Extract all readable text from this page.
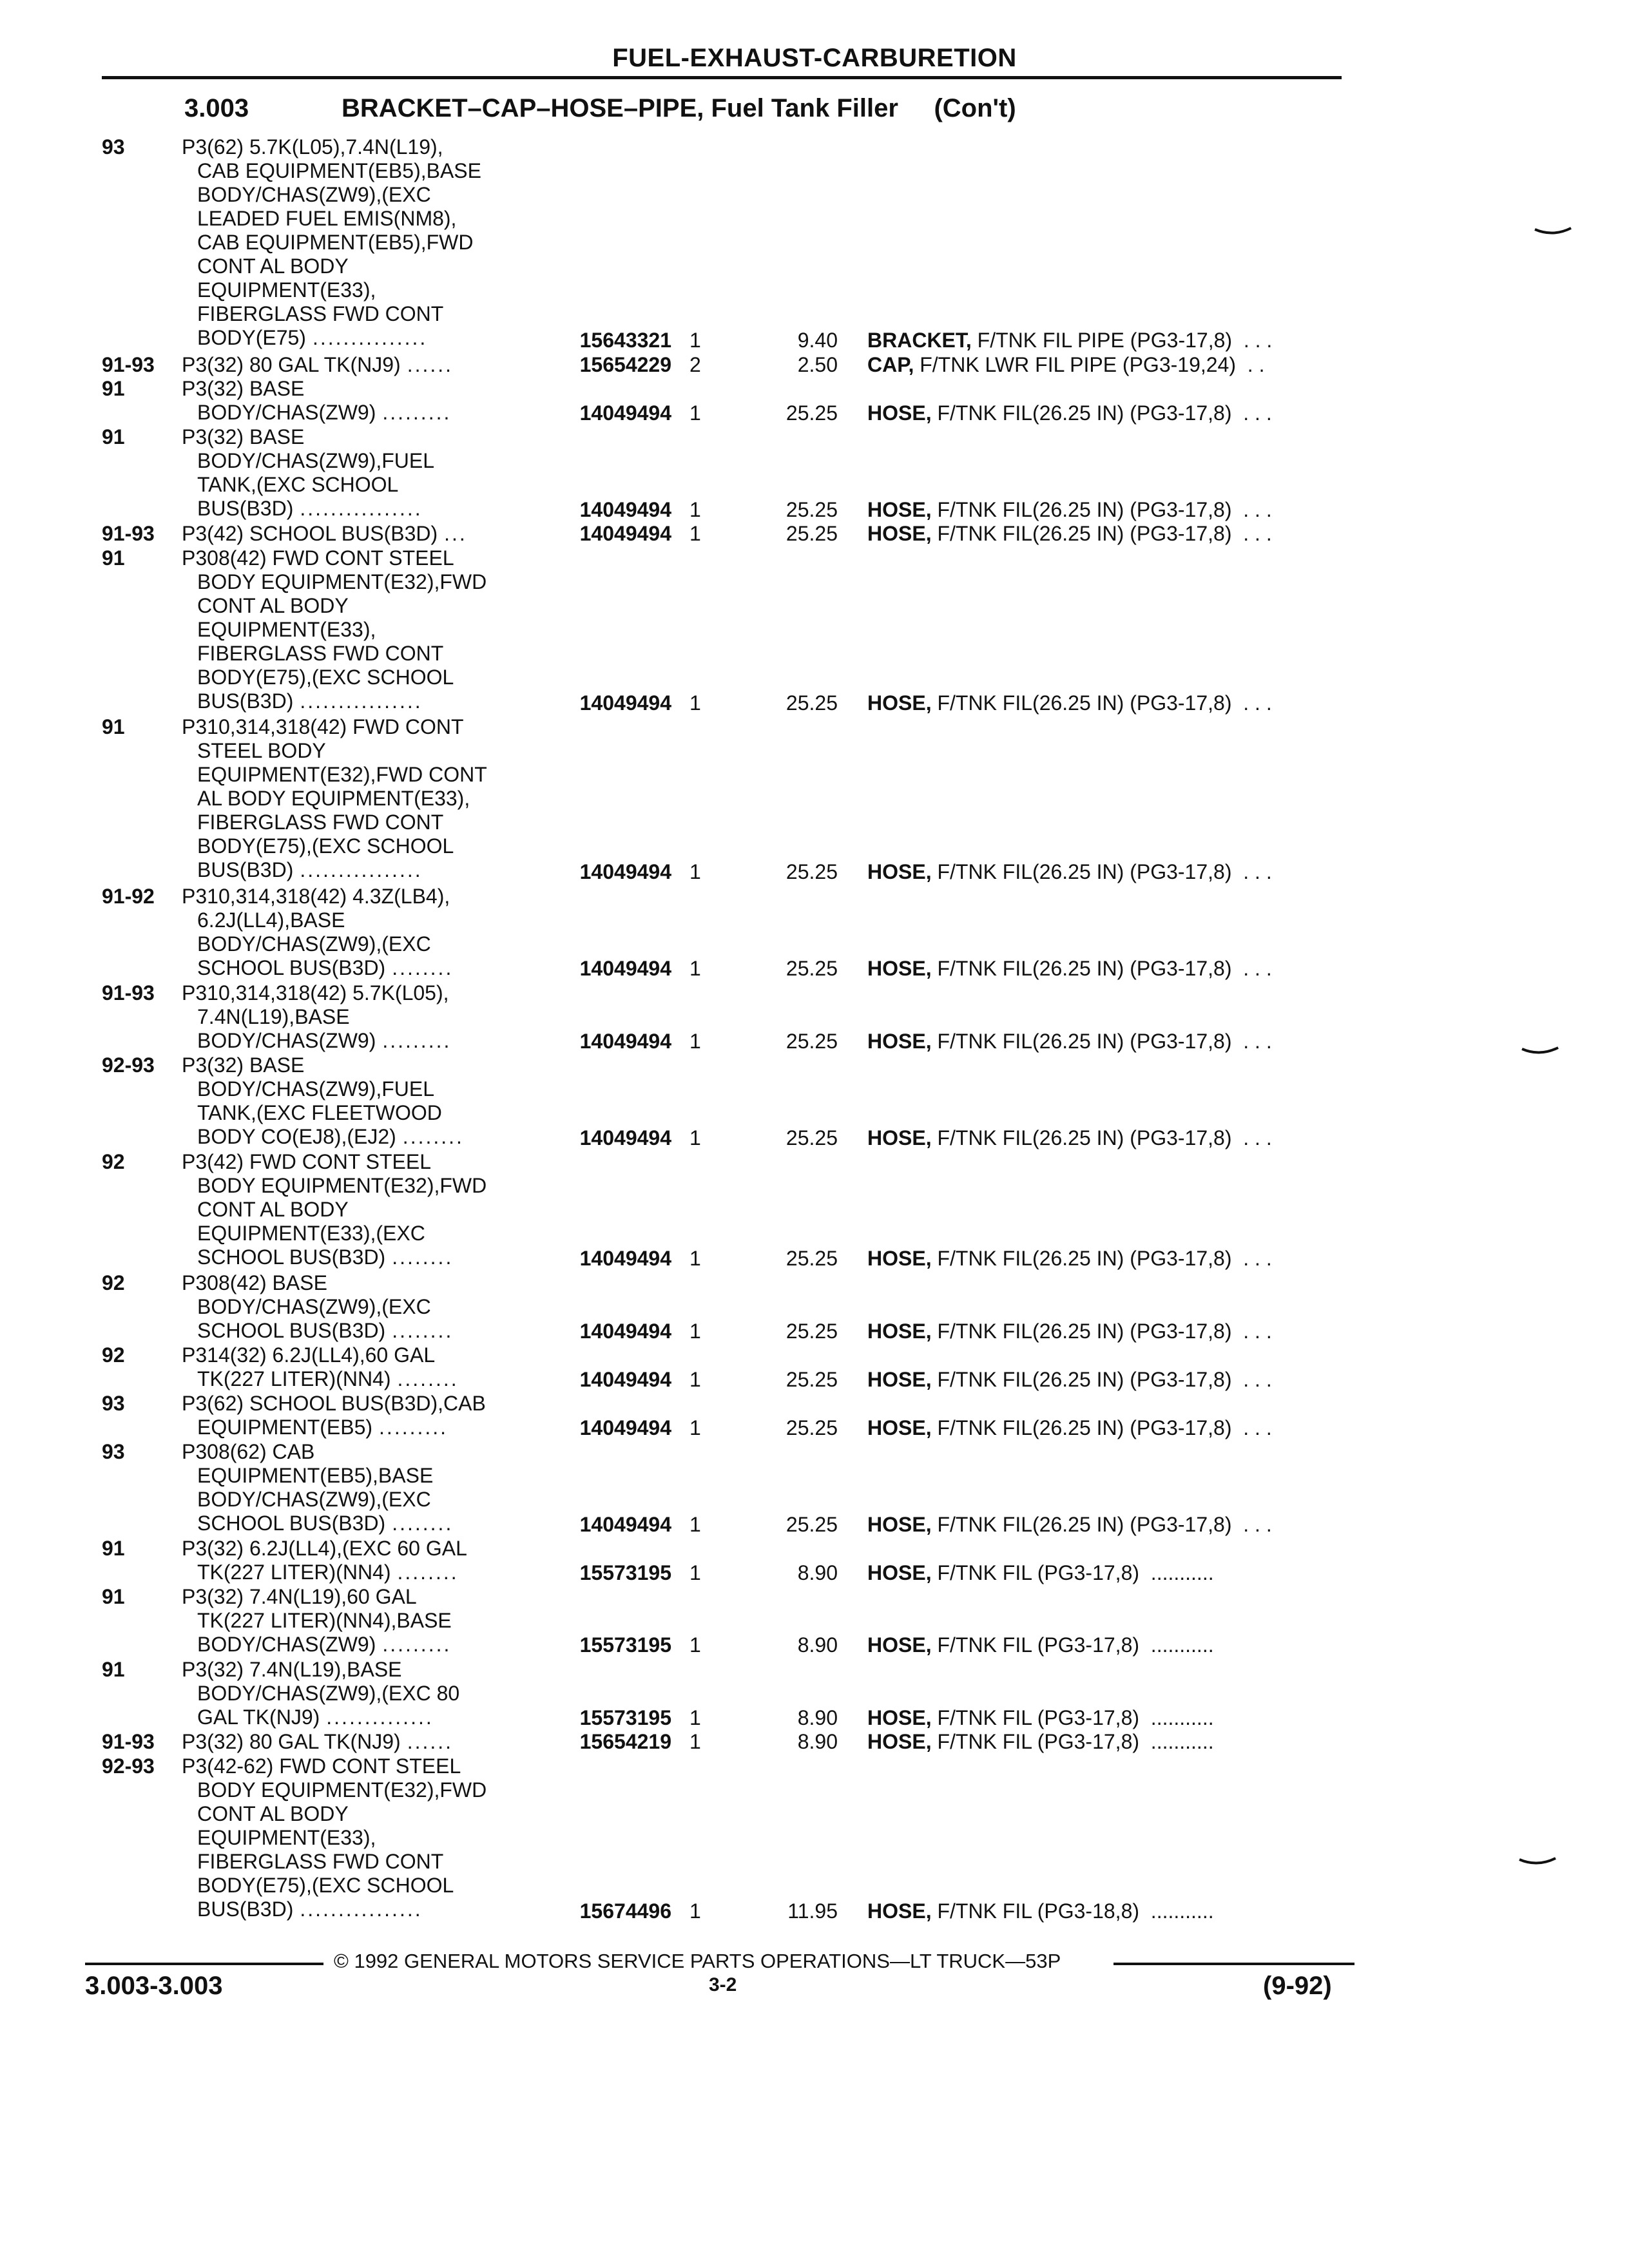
FUEL-EXHAUST-CARBURETION
3.003	BRACKET–CAP–HOSE–PIPE, Fuel Tank Filler     (Con't)
93	P3(62) 5.7K(L05),7.4N(L19),
CAB EQUIPMENT(EB5),BASE
BODY/CHAS(ZW9),(EXC
LEADED FUEL EMIS(NM8),
CAB EQUIPMENT(EB5),FWD
CONT AL BODY
EQUIPMENT(E33),
FIBERGLASS FWD CONT
BODY(E75) ...............	15643321 1	9.40 BRACKET, F/TNK FIL PIPE (PG3-17,8)  . . .
91-93	P3(32) 80 GAL TK(NJ9) ......	15654229 2	2.50 CAP, F/TNK LWR FIL PIPE (PG3-19,24)  . .
91	P3(32) BASE
BODY/CHAS(ZW9) .........	14049494 1	25.25 HOSE, F/TNK FIL(26.25 IN) (PG3-17,8)  . . .
91	P3(32) BASE
BODY/CHAS(ZW9),FUEL
TANK,(EXC SCHOOL
BUS(B3D) ................	14049494 1	25.25 HOSE, F/TNK FIL(26.25 IN) (PG3-17,8)  . . .
91-93	P3(42) SCHOOL BUS(B3D) ...	14049494 1	25.25 HOSE, F/TNK FIL(26.25 IN) (PG3-17,8)  . . .
91	P308(42) FWD CONT STEEL
BODY EQUIPMENT(E32),FWD
CONT AL BODY
EQUIPMENT(E33),
FIBERGLASS FWD CONT
BODY(E75),(EXC SCHOOL
BUS(B3D) ................	14049494 1	25.25 HOSE, F/TNK FIL(26.25 IN) (PG3-17,8)  . . .
91	P310,314,318(42) FWD CONT
STEEL BODY
EQUIPMENT(E32),FWD CONT
AL BODY EQUIPMENT(E33),
FIBERGLASS FWD CONT
BODY(E75),(EXC SCHOOL
BUS(B3D) ................	14049494 1	25.25 HOSE, F/TNK FIL(26.25 IN) (PG3-17,8)  . . .
91-92	P310,314,318(42) 4.3Z(LB4),
6.2J(LL4),BASE
BODY/CHAS(ZW9),(EXC
SCHOOL BUS(B3D) ........	14049494 1	25.25 HOSE, F/TNK FIL(26.25 IN) (PG3-17,8)  . . .
91-93	P310,314,318(42) 5.7K(L05),
7.4N(L19),BASE
BODY/CHAS(ZW9) .........	14049494 1	25.25 HOSE, F/TNK FIL(26.25 IN) (PG3-17,8)  . . .
92-93	P3(32) BASE
BODY/CHAS(ZW9),FUEL
TANK,(EXC FLEETWOOD
BODY CO(EJ8),(EJ2) ........	14049494 1	25.25 HOSE, F/TNK FIL(26.25 IN) (PG3-17,8)  . . .
92	P3(42) FWD CONT STEEL
BODY EQUIPMENT(E32),FWD
CONT AL BODY
EQUIPMENT(E33),(EXC
SCHOOL BUS(B3D) ........	14049494 1	25.25 HOSE, F/TNK FIL(26.25 IN) (PG3-17,8)  . . .
92	P308(42) BASE
BODY/CHAS(ZW9),(EXC
SCHOOL BUS(B3D) ........	14049494 1	25.25 HOSE, F/TNK FIL(26.25 IN) (PG3-17,8)  . . .
92	P314(32) 6.2J(LL4),60 GAL
TK(227 LITER)(NN4) ........	14049494 1	25.25 HOSE, F/TNK FIL(26.25 IN) (PG3-17,8)  . . .
93	P3(62) SCHOOL BUS(B3D),CAB
EQUIPMENT(EB5) .........	14049494 1	25.25 HOSE, F/TNK FIL(26.25 IN) (PG3-17,8)  . . .
93	P308(62) CAB
EQUIPMENT(EB5),BASE
BODY/CHAS(ZW9),(EXC
SCHOOL BUS(B3D) ........	14049494 1	25.25 HOSE, F/TNK FIL(26.25 IN) (PG3-17,8)  . . .
91	P3(32) 6.2J(LL4),(EXC 60 GAL
TK(227 LITER)(NN4) ........	15573195 1	8.90 HOSE, F/TNK FIL (PG3-17,8)  ...........
91	P3(32) 7.4N(L19),60 GAL
TK(227 LITER)(NN4),BASE
BODY/CHAS(ZW9) .........	15573195 1	8.90 HOSE, F/TNK FIL (PG3-17,8)  ...........
91	P3(32) 7.4N(L19),BASE
BODY/CHAS(ZW9),(EXC 80
GAL TK(NJ9) ..............	15573195 1	8.90 HOSE, F/TNK FIL (PG3-17,8)  ...........
91-93	P3(32) 80 GAL TK(NJ9) ......	15654219 1	8.90 HOSE, F/TNK FIL (PG3-17,8)  ...........
92-93	P3(42-62) FWD CONT STEEL
BODY EQUIPMENT(E32),FWD
CONT AL BODY
EQUIPMENT(E33),
FIBERGLASS FWD CONT
BODY(E75),(EXC SCHOOL
BUS(B3D) ................	15674496 1	11.95 HOSE, F/TNK FIL (PG3-18,8)  ...........
© 1992 GENERAL MOTORS SERVICE PARTS OPERATIONS—LT TRUCK—53P
3.003-3.003	3-2	(9-92)
